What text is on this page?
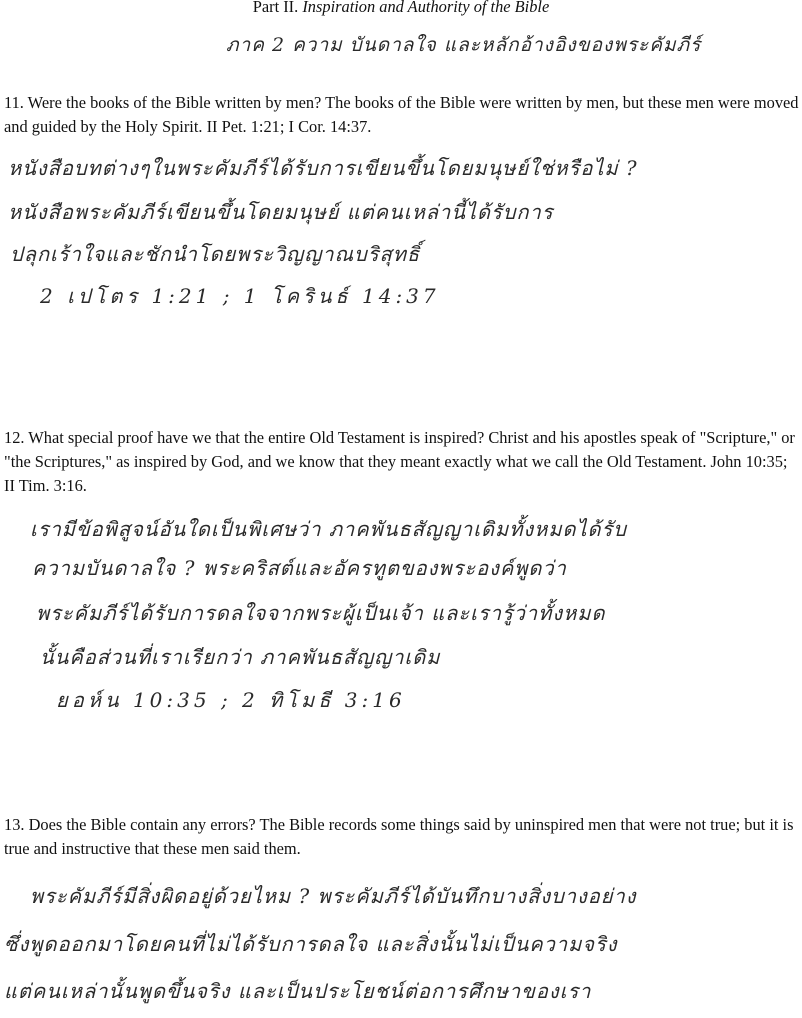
Part II. Inspiration and Authority of the Bible
ภาค 2 ความ บันดาลใจ และหลักอ้างอิงของพระคัมภีร์
11. Were the books of the Bible written by men? The books of the Bible were written by men, but these men were moved and guided by the Holy Spirit. II Pet. 1:21; I Cor. 14:37.
หนังสือบทต่างๆในพระคัมภีร์ได้รับการเขียนขึ้นโดยมนุษย์ใช่หรือไม่ ?
หนังสือพระคัมภีร์เขียนขึ้นโดยมนุษย์ แต่คนเหล่านี้ได้รับการ
ปลุกเร้าใจและชักนำโดยพระวิญญาณบริสุทธิ์
2 เปโตร 1:21 ; 1 โครินธ์ 14:37
12. What special proof have we that the entire Old Testament is inspired? Christ and his apostles speak of "Scripture," or "the Scriptures," as inspired by God, and we know that they meant exactly what we call the Old Testament. John 10:35; II Tim. 3:16.
เรามีข้อพิสูจน์อันใดเป็นพิเศษว่า ภาคพันธสัญญาเดิมทั้งหมดได้รับ
ความบันดาลใจ ? พระคริสต์และอัครทูตของพระองค์พูดว่า
พระคัมภีร์ได้รับการดลใจจากพระผู้เป็นเจ้า และเรารู้ว่าทั้งหมด
นั้นคือส่วนที่เราเรียกว่า ภาคพันธสัญญาเดิม
ยอห์น 10:35 ; 2 ทิโมธี 3:16
13. Does the Bible contain any errors? The Bible records some things said by uninspired men that were not true; but it is true and instructive that these men said them.
พระคัมภีร์มีสิ่งผิดอยู่ด้วยไหม ? พระคัมภีร์ได้บันทึกบางสิ่งบางอย่าง
ซึ่งพูดออกมาโดยคนที่ไม่ได้รับการดลใจ และสิ่งนั้นไม่เป็นความจริง
แต่คนเหล่านั้นพูดขึ้นจริง และเป็นประโยชน์ต่อการศึกษาของเรา
